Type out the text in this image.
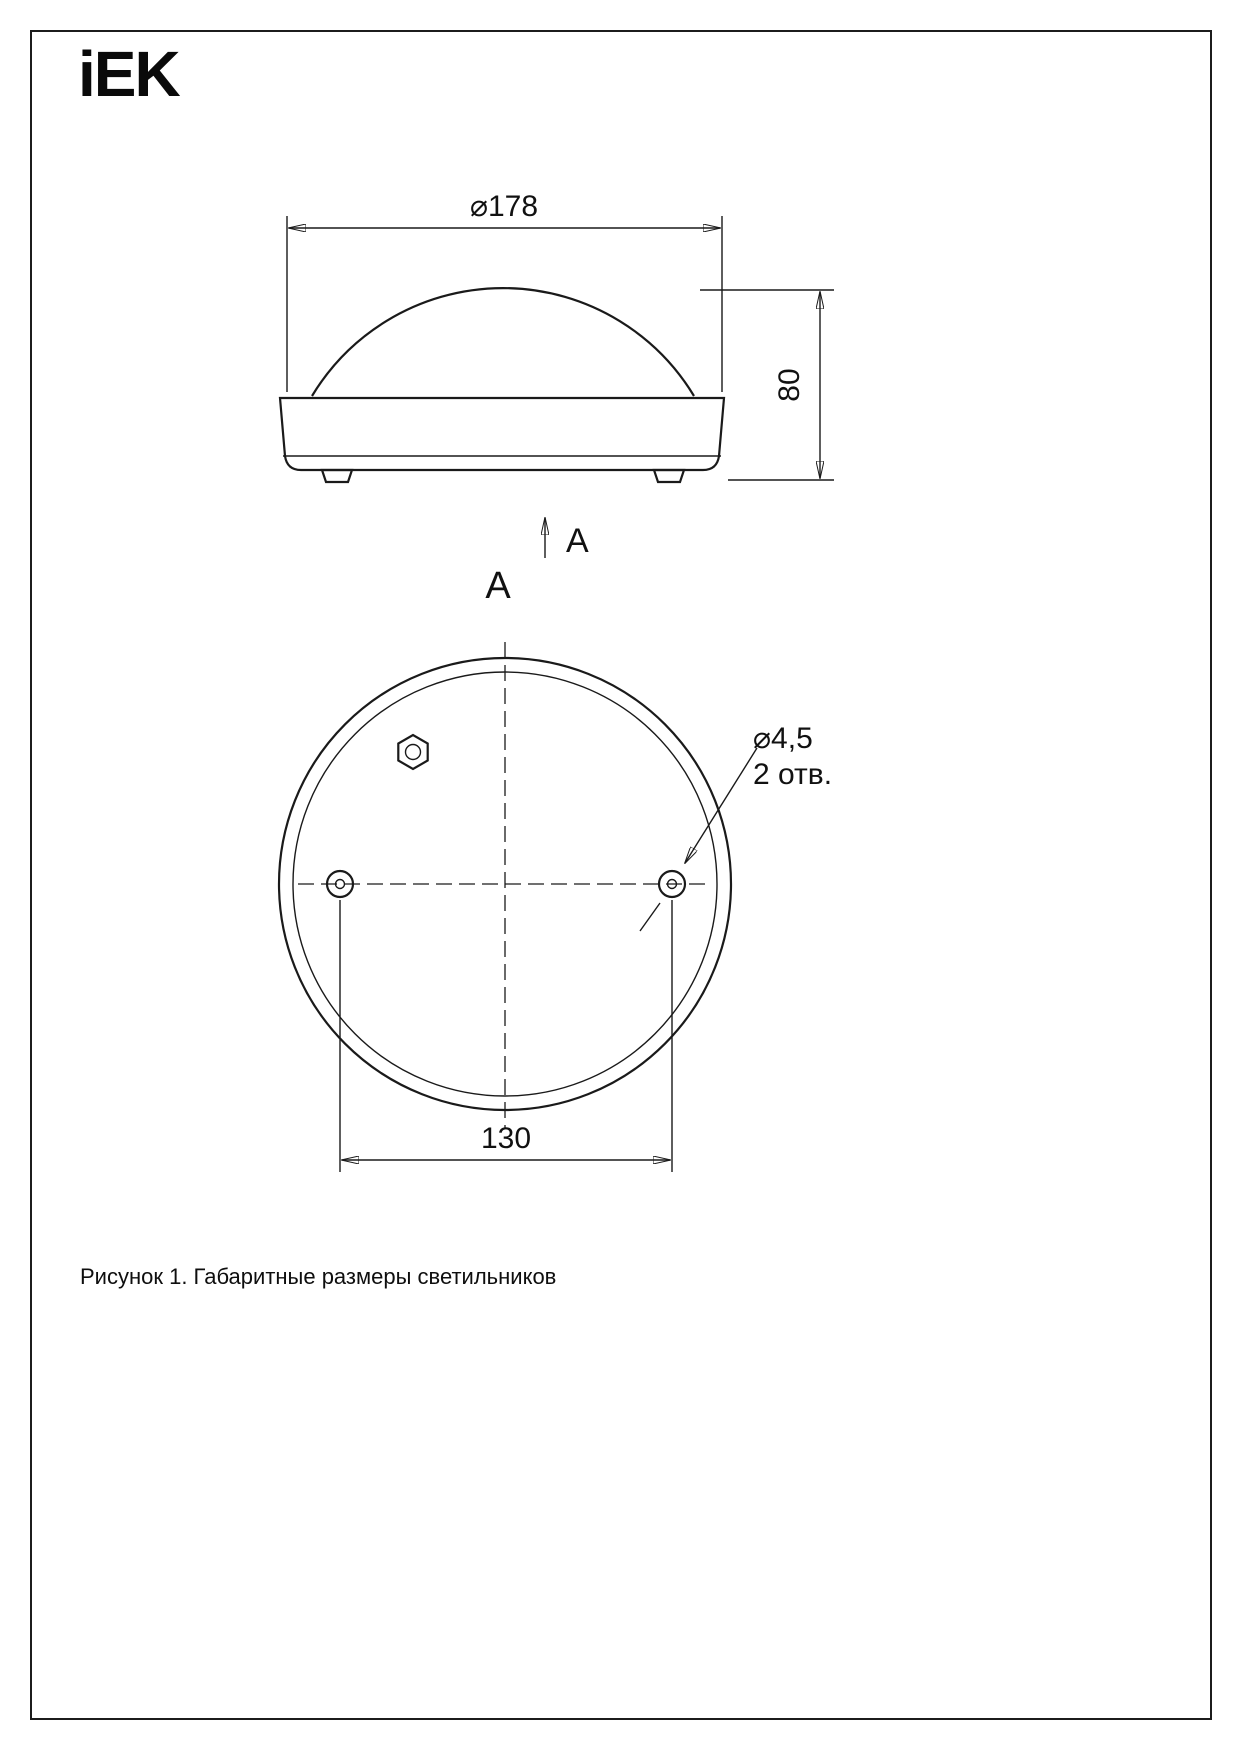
iEK
⌀178
80
A
A
⌀4,5
2 отв.
130
Рисунок 1. Габаритные размеры светильников
